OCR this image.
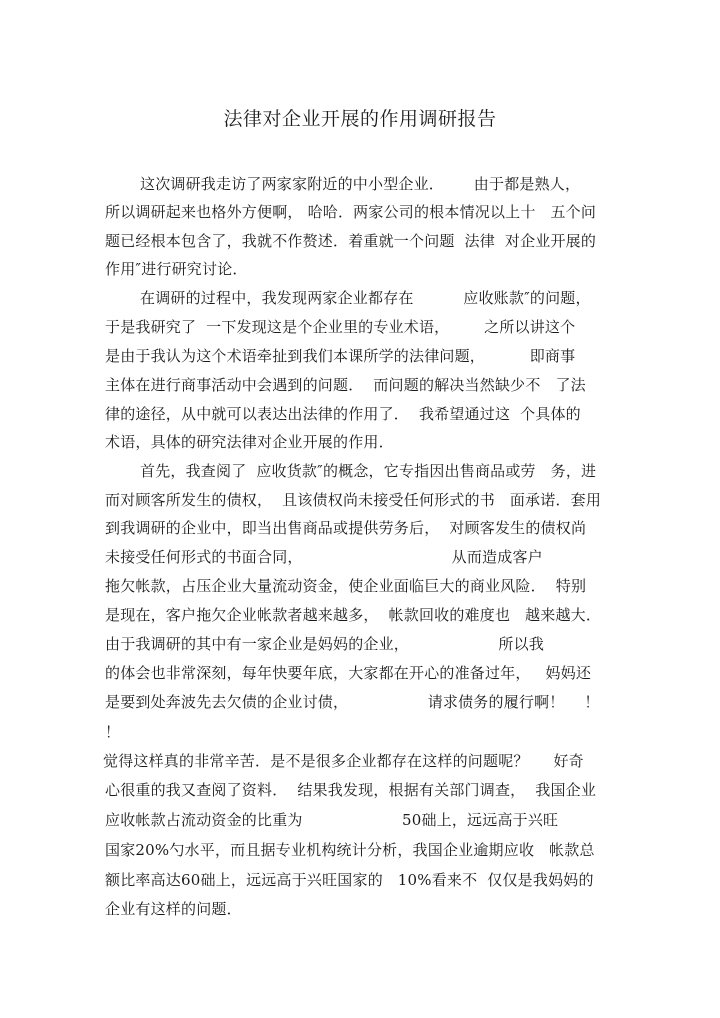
法律对企业开展的作用调研报告
这次调研我走访了两家家附近的中小型企业．      由于都是熟人，
所以调研起来也格外方便啊， 哈哈．两家公司的根本情况以上十   五个问
题已经根本包含了，我就不作赘述．着重就一个问题  法律  对企业开展的
作用″进行研究讨论．
在调研的过程中，我发现两家企业都存在          应收账款″的问题，
于是我研究了  一下发现这是个企业里的专业术语，       之所以讲这个
是由于我认为这个术语牵扯到我们本课所学的法律问题，         即商事
主体在进行商事活动中会遇到的问题．  而问题的解决当然缺少不   了法
律的途径，从中就可以表达出法律的作用了．  我希望通过这  个具体的
术语，具体的研究法律对企业开展的作用．
首先，我查阅了  应收货款″的概念，它专指因出售商品或劳   务，进
而对顾客所发生的债权，  且该债权尚未接受任何形式的书   面承诺．套用
到我调研的企业中，即当出售商品或提供劳务后，  对顾客发生的债权尚
未接受任何形式的书面合同，                              从而造成客户
拖欠帐款，占压企业大量流动资金，使企业面临巨大的商业风险．  特别
是现在，客户拖欠企业帐款者越来越多，  帐款回收的难度也   越来越大．
由于我调研的其中有一家企业是妈妈的企业，                  所以我
的体会也非常深刻，每年快要年底，大家都在开心的准备过年，   妈妈还
是要到处奔波先去欠债的企业讨债，                请求债务的履行啊！    ！
！
觉得这样真的非常辛苦．是不是很多企业都存在这样的问题呢？     好奇
心很重的我又查阅了资料．  结果我发现，根据有关部门调查，  我国企业
应收帐款占流动资金的比重为                    50础上，远远高于兴旺
国家20%勺水平，而且据专业机构统计分析，我国企业逾期应收   帐款总
额比率高达60础上，远远高于兴旺国家的   10%看来不  仅仅是我妈妈的
企业有这样的问题．
